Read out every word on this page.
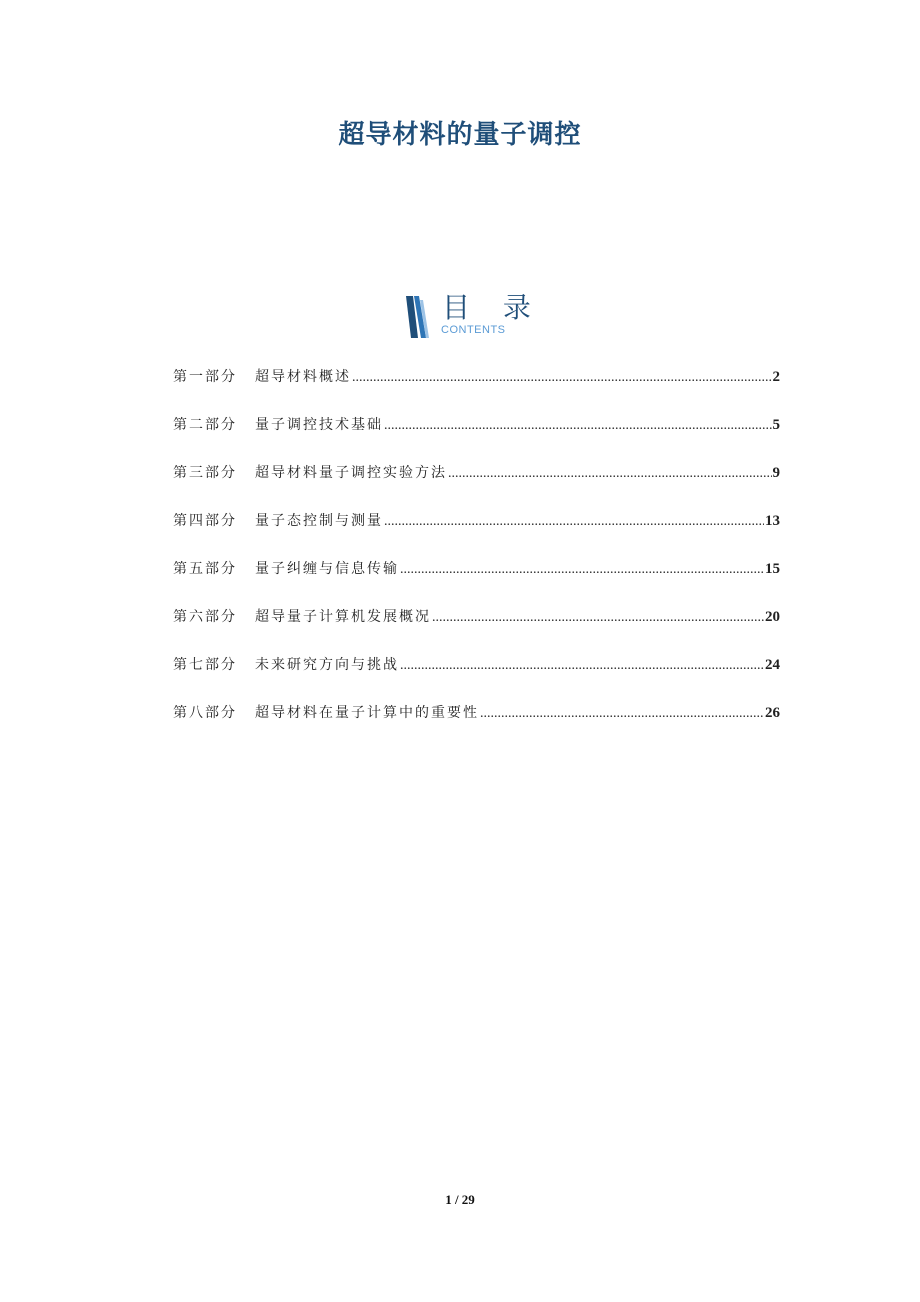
超导材料的量子调控
目 录
CONTENTS
第一部分	超导材料概述 .....	2
第二部分	量子调控技术基础 .....	5
第三部分	超导材料量子调控实验方法 .....	9
第四部分	量子态控制与测量 .....	13
第五部分	量子纠缠与信息传输 .....	15
第六部分	超导量子计算机发展概况 .....	20
第七部分	未来研究方向与挑战 .....	24
第八部分	超导材料在量子计算中的重要性 .....	26
1 / 29
